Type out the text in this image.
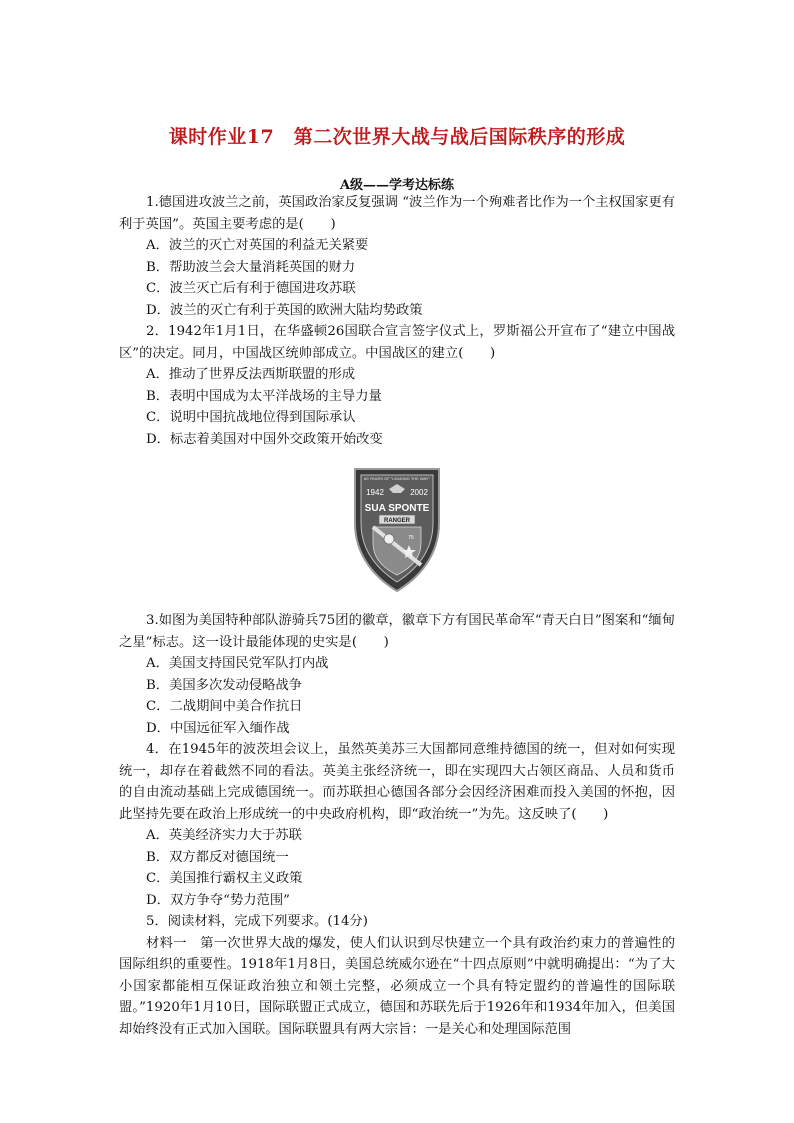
课时作业17　第二次世界大战与战后国际秩序的形成
A级——学考达标练

1.德国进攻波兰之前，英国政治家反复强调 “波兰作为一个殉难者比作为一个主权国家更有利于英国”。英国主要考虑的是(　　)

A．波兰的灭亡对英国的利益无关紧要

B．帮助波兰会大量消耗英国的财力

C．波兰灭亡后有利于德国进攻苏联

D．波兰的灭亡有利于英国的欧洲大陆均势政策

2．1942年1月1日，在华盛顿26国联合宣言签字仪式上，罗斯福公开宣布了“建立中国战区”的决定。同月，中国战区统帅部成立。中国战区的建立(　　)

A．推动了世界反法西斯联盟的形成

B．表明中国成为太平洋战场的主导力量

C．说明中国抗战地位得到国际承认

D．标志着美国对中国外交政策开始改变

60 YEARS OF "LEADING THE WAY"
1942	2002
SUA SPONTE
RANGER
75

3.如图为美国特种部队游骑兵75团的徽章，徽章下方有国民革命军“青天白日”图案和“缅甸之星”标志。这一设计最能体现的史实是(　　)

A．美国支持国民党军队打内战

B．美国多次发动侵略战争

C．二战期间中美合作抗日

D．中国远征军入缅作战

4．在1945年的波茨坦会议上，虽然英美苏三大国都同意维持德国的统一，但对如何实现统一，却存在着截然不同的看法。英美主张经济统一，即在实现四大占领区商品、人员和货币的自由流动基础上完成德国统一。而苏联担心德国各部分会因经济困难而投入美国的怀抱，因此坚持先要在政治上形成统一的中央政府机构，即“政治统一”为先。这反映了(　　)

A．英美经济实力大于苏联

B．双方都反对德国统一

C．美国推行霸权主义政策

D．双方争夺“势力范围”

5．阅读材料，完成下列要求。(14分)

材料一　第一次世界大战的爆发，使人们认识到尽快建立一个具有政治约束力的普遍性的国际组织的重要性。1918年1月8日，美国总统威尔逊在“十四点原则”中就明确提出：“为了大小国家都能相互保证政治独立和领土完整，必须成立一个具有特定盟约的普遍性的国际联盟。”1920年1月10日，国际联盟正式成立，德国和苏联先后于1926年和1934年加入，但美国却始终没有正式加入国联。国际联盟具有两大宗旨：一是关心和处理国际范围
